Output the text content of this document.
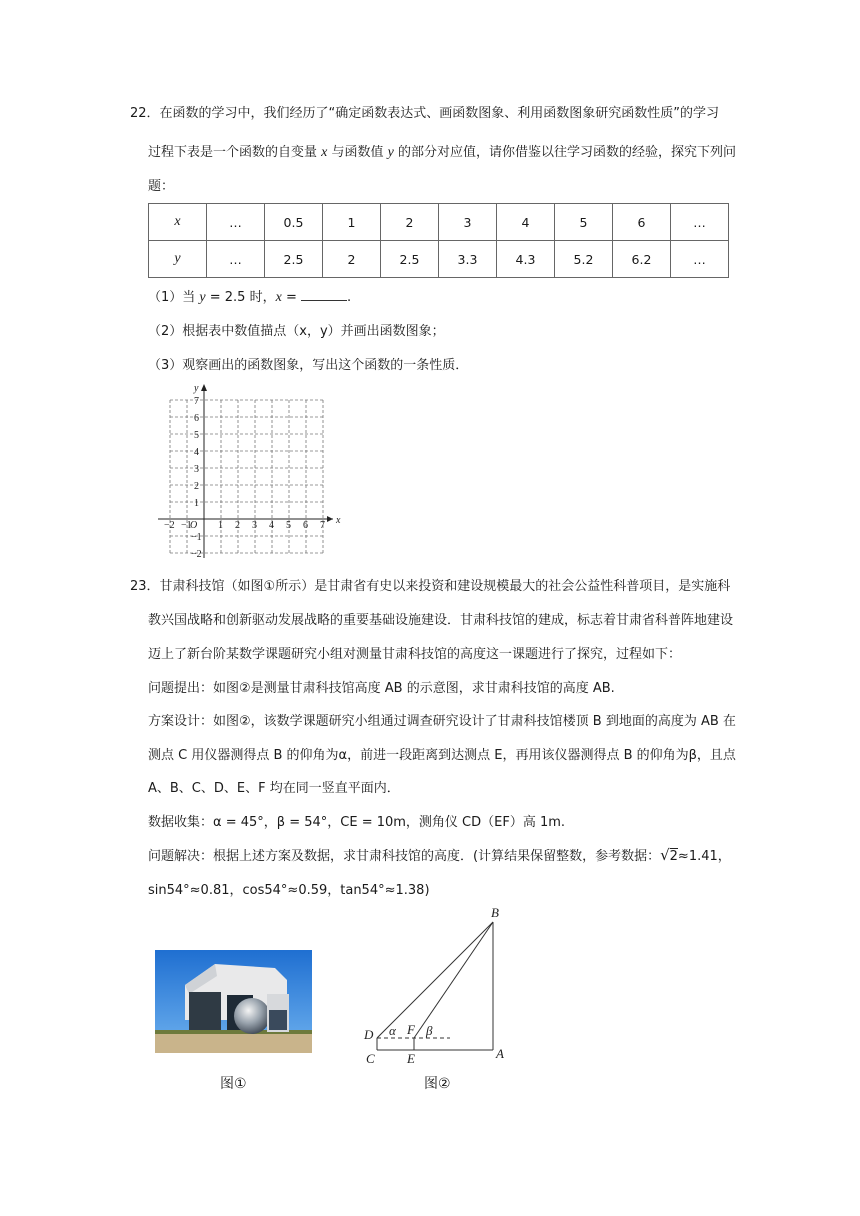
22．在函数的学习中，我们经历了“确定函数表达式、画函数图象、利用函数图象研究函数性质”的学习
过程下表是一个函数的自变量 x 与函数值 y 的部分对应值，请你借鉴以往学习函数的经验，探究下列问
题：
x	…	0.5	1	2	3	4	5	6	…
y	…	2.5	2	2.5	3.3	4.3	5.2	6.2	…
（1）当 y = 2.5 时，x =	.
（2）根据表中数值描点（x，y）并画出函数图象；
（3）观察画出的函数图象，写出这个函数的一条性质．
x
y
O
−2 −1	1 2 3 4 5 6 7
7
6
5
4
3
2
1
−1
−2
23．甘肃科技馆（如图①所示）是甘肃省有史以来投资和建设规模最大的社会公益性科普项目，是实施科
教兴国战略和创新驱动发展战略的重要基础设施建设．甘肃科技馆的建成，标志着甘肃省科普阵地建设
迈上了新台阶某数学课题研究小组对测量甘肃科技馆的高度这一课题进行了探究，过程如下：
问题提出：如图②是测量甘肃科技馆高度 AB 的示意图，求甘肃科技馆的高度 AB.
方案设计：如图②，该数学课题研究小组通过调查研究设计了甘肃科技馆楼顶 B 到地面的高度为 AB 在
测点 C 用仪器测得点 B 的仰角为α，前进一段距离到达测点 E，再用该仪器测得点 B 的仰角为β，且点
A、B、C、D、E、F 均在同一竖直平面内．
数据收集：α = 45°，β = 54°，CE = 10m，测角仪 CD（EF）高 1m.
问题解决：根据上述方案及数据，求甘肃科技馆的高度．(计算结果保留整数，参考数据：√2≈1.41，
sin54°≈0.81，cos54°≈0.59，tan54°≈1.38)
图①
B
A
C
D
E
F
α β
图②
